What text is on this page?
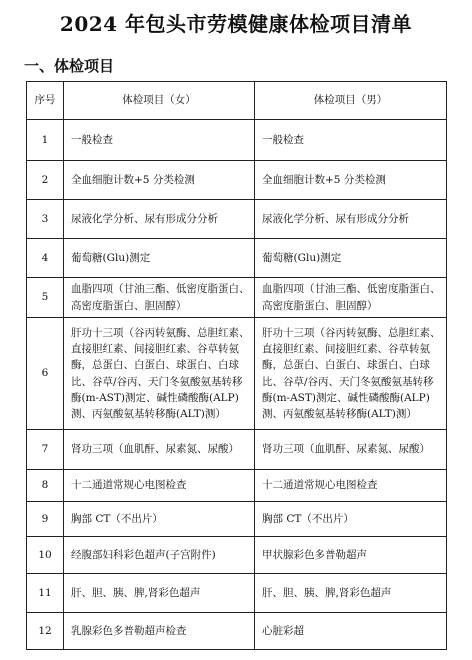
2024 年包头市劳模健康体检项目清单
一、体检项目
序号	体检项目（女）	体检项目（男）
1	一般检查	一般检查
2	全血细胞计数+5 分类检测	全血细胞计数+5 分类检测
3	尿液化学分析、尿有形成分分析	尿液化学分析、尿有形成分分析
4	葡萄糖(Glu)测定	葡萄糖(Glu)测定
5	血脂四项（甘油三酯、低密度脂蛋白、高密度脂蛋白、胆固醇）	血脂四项（甘油三酯、低密度脂蛋白、高密度脂蛋白、胆固醇）
6	肝功十三项（谷丙转氨酶、总胆红素、直接胆红素、间接胆红素、谷草转氨酶，总蛋白、白蛋白、球蛋白、白球比、谷草/谷丙、天门冬氨酸氨基转移酶(m-AST)测定、碱性磷酸酶(ALP)测、丙氨酸氨基转移酶(ALT)测）	肝功十三项（谷丙转氨酶、总胆红素、直接胆红素、间接胆红素、谷草转氨酶，总蛋白、白蛋白、球蛋白、白球比、谷草/谷丙、天门冬氨酸氨基转移酶(m-AST)测定、碱性磷酸酶(ALP)测、丙氨酸氨基转移酶(ALT)测）
7	肾功三项（血肌酐、尿素氮、尿酸）	肾功三项（血肌酐、尿素氮、尿酸）
8	十二通道常规心电图检查	十二通道常规心电图检查
9	胸部 CT（不出片）	胸部 CT（不出片）
10	经腹部妇科彩色超声(子宫附件)	甲状腺彩色多普勒超声
11	肝、胆、胰、脾,肾彩色超声	肝、胆、胰、脾,肾彩色超声
12	乳腺彩色多普勒超声检查	心脏彩超
